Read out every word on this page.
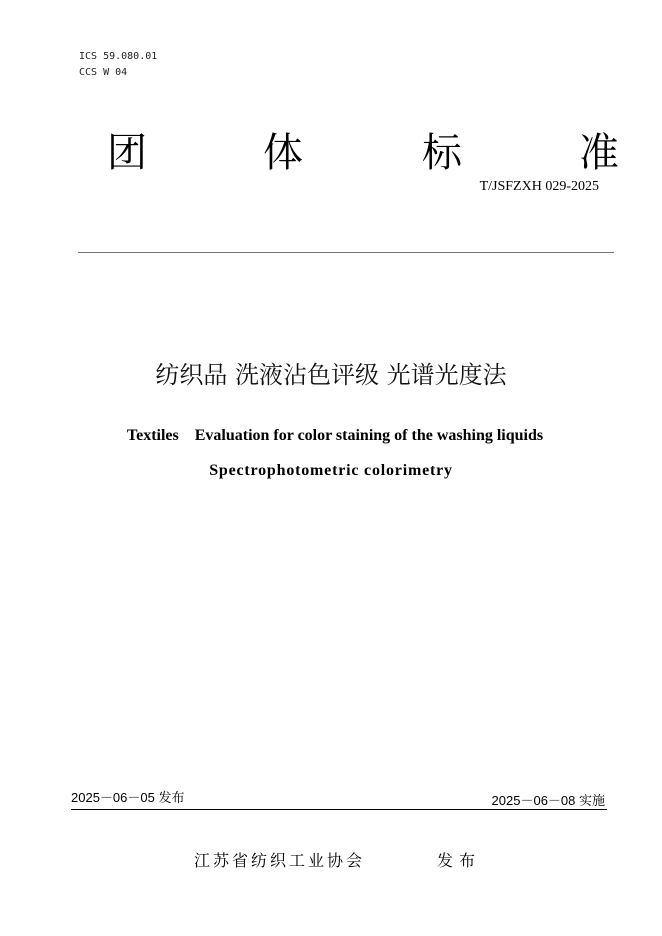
ICS 59.080.01
CCS W 04
团	体	标	准
T/JSFZXH 029-2025
纺织品 洗液沾色评级 光谱光度法
Textiles    Evaluation for color staining of the washing liquids
Spectrophotometric colorimetry
2025－06－05 发布	2025－06－08 实施
江苏省纺织工业协会	发布
